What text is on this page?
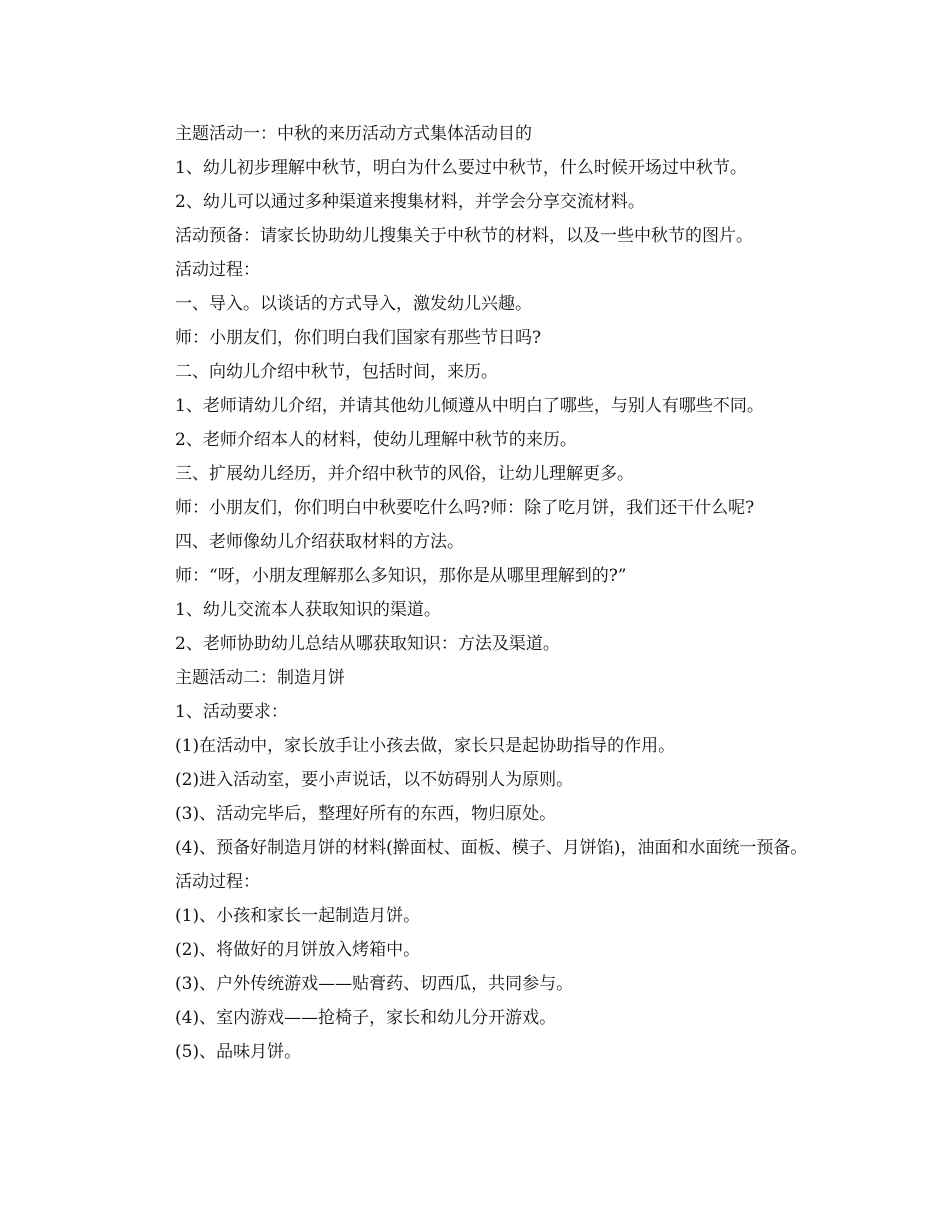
主题活动一：中秋的来历活动方式集体活动目的

1、幼儿初步理解中秋节，明白为什么要过中秋节，什么时候开场过中秋节。

2、幼儿可以通过多种渠道来搜集材料，并学会分享交流材料。

活动预备：请家长协助幼儿搜集关于中秋节的材料，以及一些中秋节的图片。

活动过程：

一、导入。以谈话的方式导入，激发幼儿兴趣。

师：小朋友们，你们明白我们国家有那些节日吗?

二、向幼儿介绍中秋节，包括时间，来历。

1、老师请幼儿介绍，并请其他幼儿倾遵从中明白了哪些，与别人有哪些不同。

2、老师介绍本人的材料，使幼儿理解中秋节的来历。

三、扩展幼儿经历，并介绍中秋节的风俗，让幼儿理解更多。

师：小朋友们，你们明白中秋要吃什么吗?师：除了吃月饼，我们还干什么呢?

四、老师像幼儿介绍获取材料的方法。

师：“呀，小朋友理解那么多知识，那你是从哪里理解到的?”

1、幼儿交流本人获取知识的渠道。

2、老师协助幼儿总结从哪获取知识：方法及渠道。

主题活动二：制造月饼

1、活动要求：

(1)在活动中，家长放手让小孩去做，家长只是起协助指导的作用。

(2)进入活动室，要小声说话，以不妨碍别人为原则。

(3)、活动完毕后，整理好所有的东西，物归原处。

(4)、预备好制造月饼的材料(擀面杖、面板、模子、月饼馅)，油面和水面统一预备。

活动过程：

(1)、小孩和家长一起制造月饼。

(2)、将做好的月饼放入烤箱中。

(3)、户外传统游戏——贴膏药、切西瓜，共同参与。

(4)、室内游戏——抢椅子，家长和幼儿分开游戏。

(5)、品味月饼。
